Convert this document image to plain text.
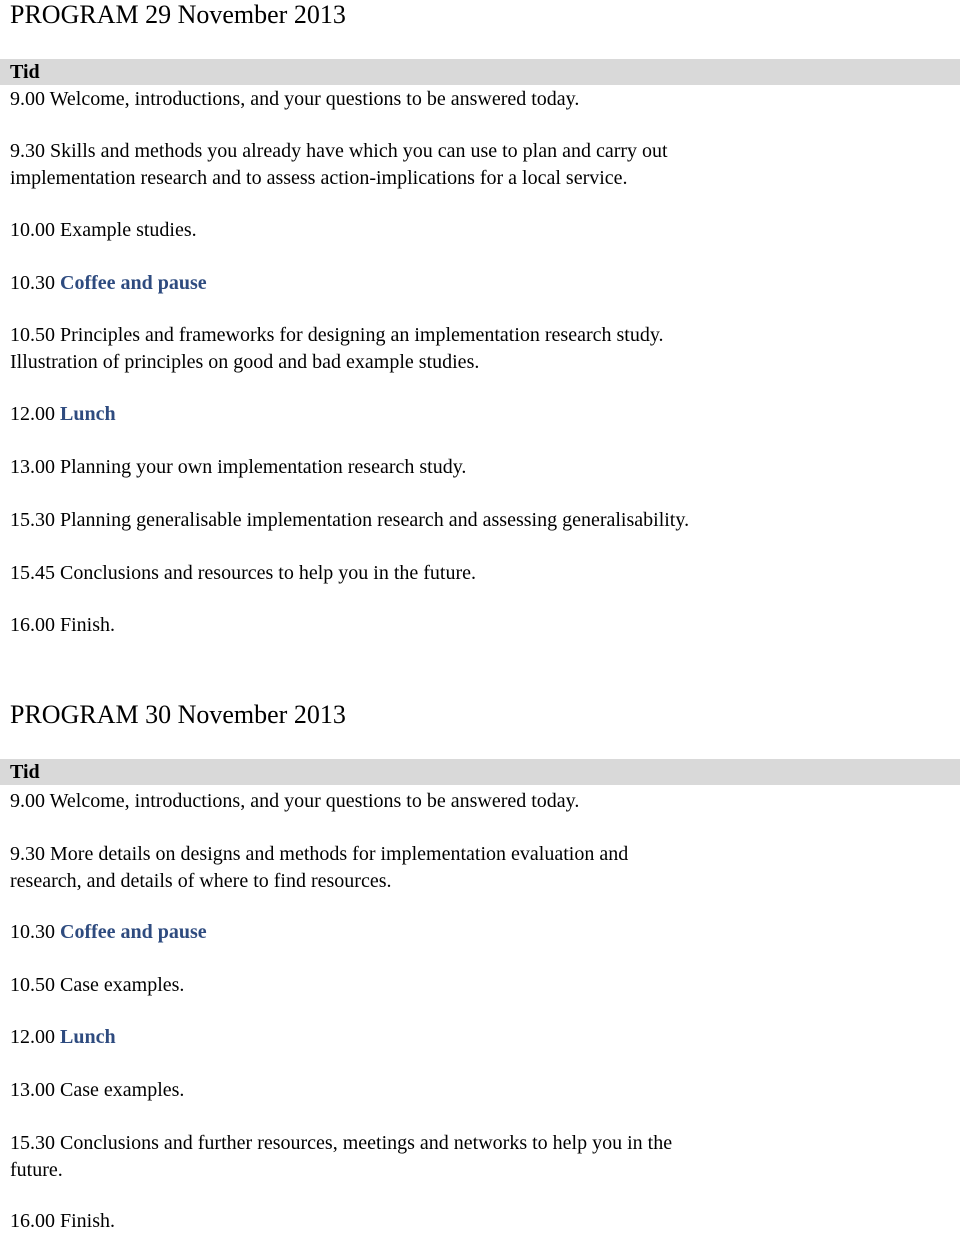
PROGRAM 29 November 2013
Tid

9.00 Welcome, introductions, and your questions to be answered today.

9.30 Skills and methods you already have which you can use to plan and carry out
implementation research and to assess action-implications for a local service.

10.00 Example studies.

10.30 Coffee and pause

10.50 Principles and frameworks for designing an implementation research study.
Illustration of principles on good and bad example studies.

12.00 Lunch

13.00 Planning your own implementation research study.

15.30 Planning generalisable implementation research and assessing generalisability.

15.45 Conclusions and resources to help you in the future.

16.00 Finish.

PROGRAM 30 November 2013
Tid

9.00 Welcome, introductions, and your questions to be answered today.

9.30 More details on designs and methods for implementation evaluation and
research, and details of where to find resources.

10.30 Coffee and pause

10.50 Case examples.

12.00 Lunch

13.00 Case examples.

15.30 Conclusions and further resources, meetings and networks to help you in the
future.

16.00 Finish.
